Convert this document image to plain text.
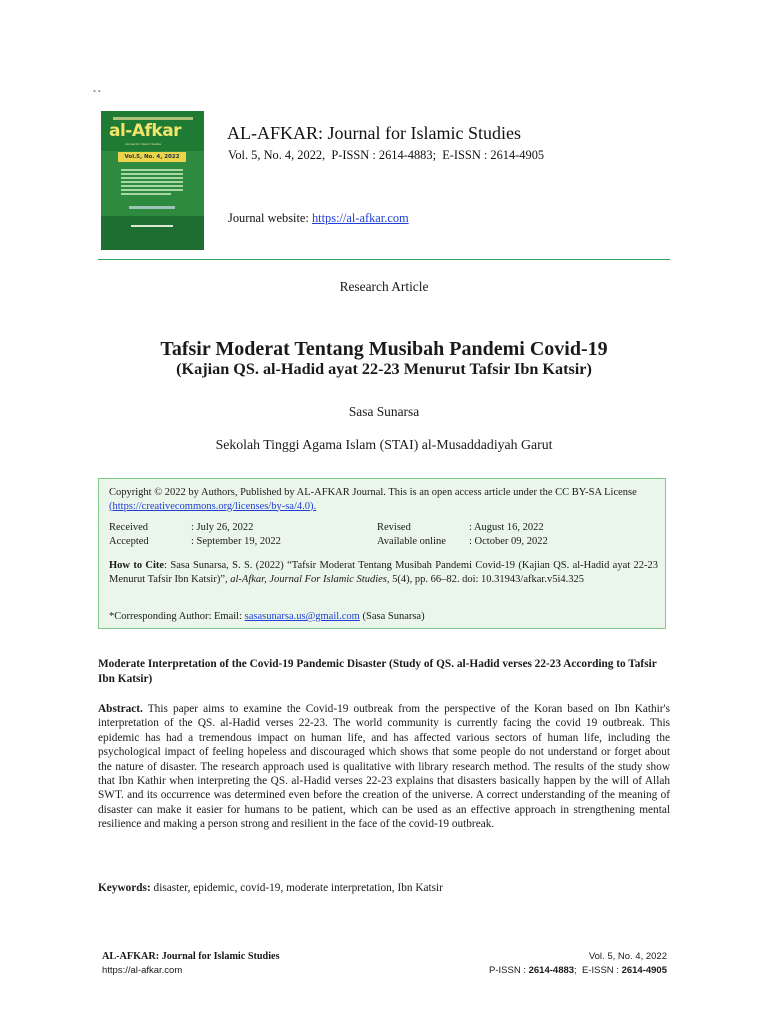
° °
al-Afkar
Journal For Islamic Studies
Vol.5, No. 4, 2022
AL-AFKAR: Journal for Islamic Studies
Vol. 5, No. 4, 2022,  P-ISSN : 2614-4883;  E-ISSN : 2614-4905
Journal website: https://al-afkar.com
Research Article
Tafsir Moderat Tentang Musibah Pandemi Covid-19
(Kajian QS. al-Hadid ayat 22-23 Menurut Tafsir Ibn Katsir)
Sasa Sunarsa
Sekolah Tinggi Agama Islam (STAI) al-Musaddadiyah Garut
Copyright © 2022 by Authors, Published by AL-AFKAR Journal. This is an open access article under the CC BY-SA License (https://creativecommons.org/licenses/by-sa/4.0).
Received	: July 26, 2022	Revised	: August 16, 2022
Accepted	: September 19, 2022	Available online : October 09, 2022
How to Cite: Sasa Sunarsa, S. S. (2022) “Tafsir Moderat Tentang Musibah Pandemi Covid-19 (Kajian QS. al-Hadid ayat 22-23 Menurut Tafsir Ibn Katsir)”, al-Afkar, Journal For Islamic Studies, 5(4), pp. 66–82. doi: 10.31943/afkar.v5i4.325
*Corresponding Author: Email: sasasunarsa.us@gmail.com (Sasa Sunarsa)
Moderate Interpretation of the Covid-19 Pandemic Disaster (Study of QS. al-Hadid verses 22-23 According to Tafsir Ibn Katsir)
Abstract. This paper aims to examine the Covid-19 outbreak from the perspective of the Koran based on Ibn Kathir's interpretation of the QS. al-Hadid verses 22-23. The world community is currently facing the covid 19 outbreak. This epidemic has had a tremendous impact on human life, and has affected various sectors of human life, including the psychological impact of feeling hopeless and discouraged which shows that some people do not understand or forget about the nature of disaster. The research approach used is qualitative with library research method. The results of the study show that Ibn Kathir when interpreting the QS. al-Hadid verses 22-23 explains that disasters basically happen by the will of Allah SWT. and its occurrence was determined even before the creation of the universe. A correct understanding of the meaning of disaster can make it easier for humans to be patient, which can be used as an effective approach in strengthening mental resilience and making a person strong and resilient in the face of the covid-19 outbreak.
Keywords: disaster, epidemic, covid-19, moderate interpretation, Ibn Katsir
AL-AFKAR: Journal for Islamic Studies
https://al-afkar.com
Vol. 5, No. 4, 2022
P-ISSN : 2614-4883;  E-ISSN : 2614-4905
